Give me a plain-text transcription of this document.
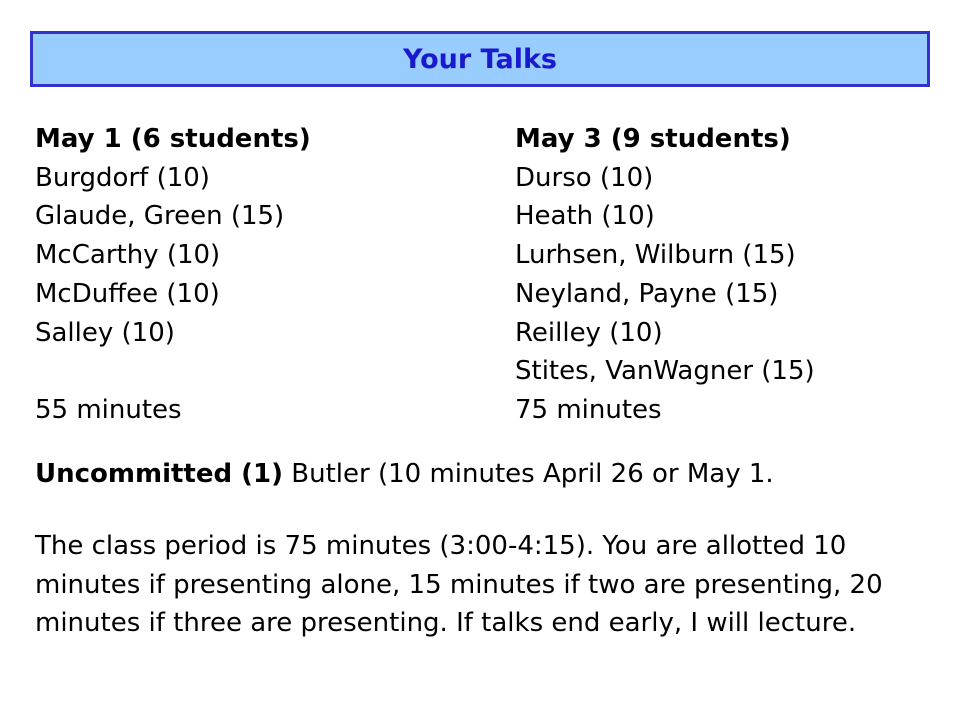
Your Talks
May 1 (6 students)
Burgdorf (10)
Glaude, Green (15)
McCarthy (10)
McDuffee (10)
Salley (10)
55 minutes
May 3 (9 students)
Durso (10)
Heath (10)
Lurhsen, Wilburn (15)
Neyland, Payne (15)
Reilley (10)
Stites, VanWagner (15)
75 minutes
Uncommitted (1) Butler (10 minutes April 26 or May 1.
The class period is 75 minutes (3:00-4:15). You are allotted 10 minutes if presenting alone, 15 minutes if two are presenting, 20 minutes if three are presenting. If talks end early, I will lecture.
